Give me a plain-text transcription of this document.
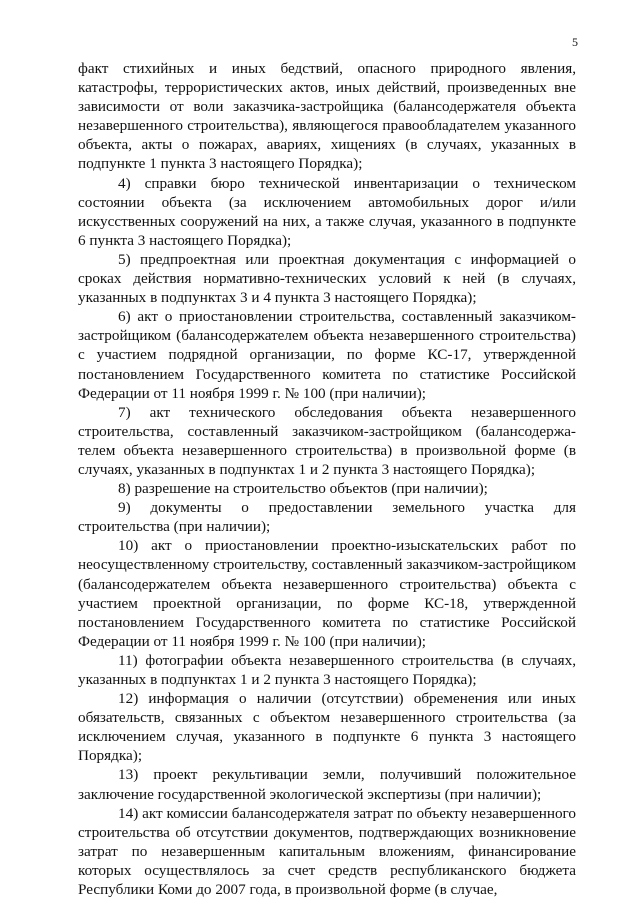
5

факт стихийных и иных бедствий, опасного природного явления, катастрофы, террористических актов, иных действий, произведенных вне зависимости от воли заказчика-застройщика (балансодержателя объекта незавершенного строительства), являющегося правообладателем указанного объекта, акты о пожарах, авариях, хищениях (в случаях, указанных в подпункте 1 пункта 3 настоящего Порядка);

4) справки бюро технической инвентаризации о техническом состоянии объекта (за исключением автомобильных дорог и/или искусственных сооружений на них, а также случая, указанного в подпункте 6 пункта 3 настоящего Порядка);

5) предпроектная или проектная документация с информацией о сроках действия нормативно-технических условий к ней (в случаях, указанных в подпунктах 3 и 4 пункта 3 настоящего Порядка);

6) акт о приостановлении строительства, составленный заказчиком-застройщиком (балансодержателем объекта незавершенного строительства) с участием подрядной организации, по форме КС-17, утвержденной постановлением Государственного комитета по статистике Российской Федерации от 11 ноября 1999 г. № 100 (при наличии);

7) акт технического обследования объекта незавершенного строительства, составленный заказчиком-застройщиком (балансодержа-телем объекта незавершенного строительства) в произвольной форме (в случаях, указанных в подпунктах 1 и 2 пункта 3 настоящего Порядка);

8) разрешение на строительство объектов (при наличии);

9) документы о предоставлении земельного участка для строительства (при наличии);

10) акт о приостановлении проектно-изыскательских работ по неосуществленному строительству, составленный заказчиком-застройщиком (балансодержателем объекта незавершенного строительства) объекта с участием проектной организации, по форме КС-18, утвержденной постановлением Государственного комитета по статистике Российской Федерации от 11 ноября 1999 г. № 100 (при наличии);

11) фотографии объекта незавершенного строительства (в случаях, указанных в подпунктах 1 и 2 пункта 3 настоящего Порядка);

12) информация о наличии (отсутствии) обременения или иных обязательств, связанных с объектом незавершенного строительства (за исключением случая, указанного в подпункте 6 пункта 3 настоящего Порядка);

13) проект рекультивации земли, получивший положительное заключение государственной экологической экспертизы (при наличии);

14) акт комиссии балансодержателя затрат по объекту незавершенного строительства об отсутствии документов, подтверждающих возникновение затрат по незавершенным капитальным вложениям, финансирование которых осуществлялось за счет средств республиканского бюджета Республики Коми до 2007 года, в произвольной форме (в случае,
